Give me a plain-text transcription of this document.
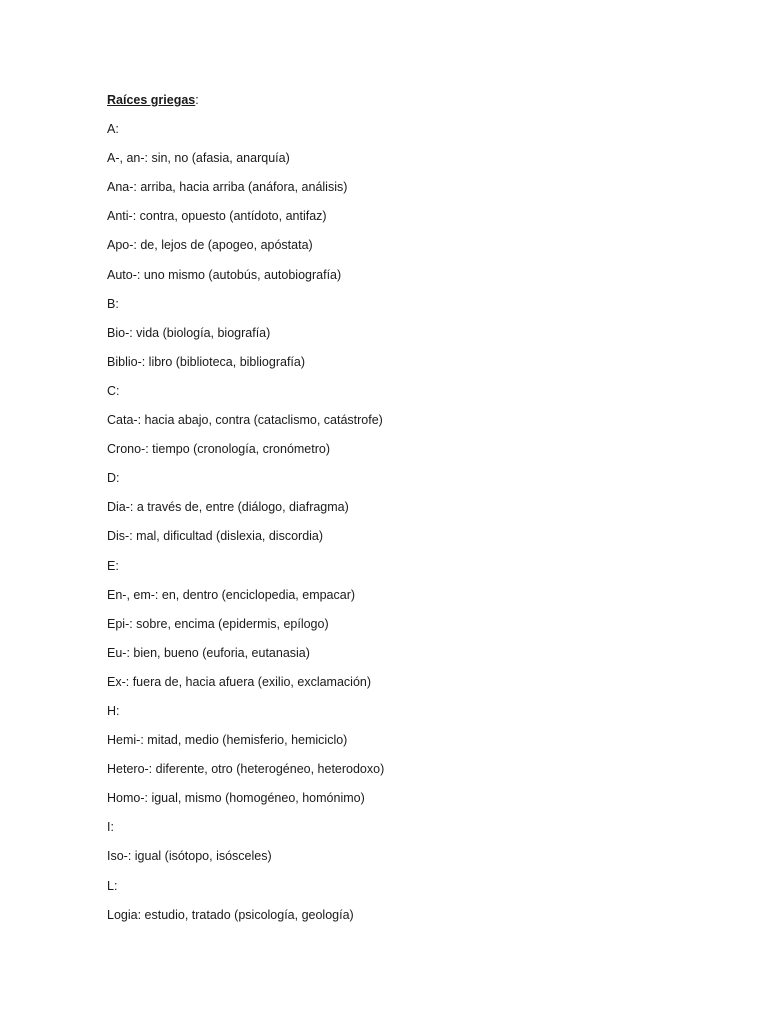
Raíces griegas:
A:
A-, an-: sin, no (afasia, anarquía)
Ana-: arriba, hacia arriba (anáfora, análisis)
Anti-: contra, opuesto (antídoto, antifaz)
Apo-: de, lejos de (apogeo, apóstata)
Auto-: uno mismo (autobús, autobiografía)
B:
Bio-: vida (biología, biografía)
Biblio-: libro (biblioteca, bibliografía)
C:
Cata-: hacia abajo, contra (cataclismo, catástrofe)
Crono-: tiempo (cronología, cronómetro)
D:
Dia-: a través de, entre (diálogo, diafragma)
Dis-: mal, dificultad (dislexia, discordia)
E:
En-, em-: en, dentro (enciclopedia, empacar)
Epi-: sobre, encima (epidermis, epílogo)
Eu-: bien, bueno (euforia, eutanasia)
Ex-: fuera de, hacia afuera (exilio, exclamación)
H:
Hemi-: mitad, medio (hemisferio, hemiciclo)
Hetero-: diferente, otro (heterogéneo, heterodoxo)
Homo-: igual, mismo (homogéneo, homónimo)
I:
Iso-: igual (isótopo, isósceles)
L:
Logia: estudio, tratado (psicología, geología)
